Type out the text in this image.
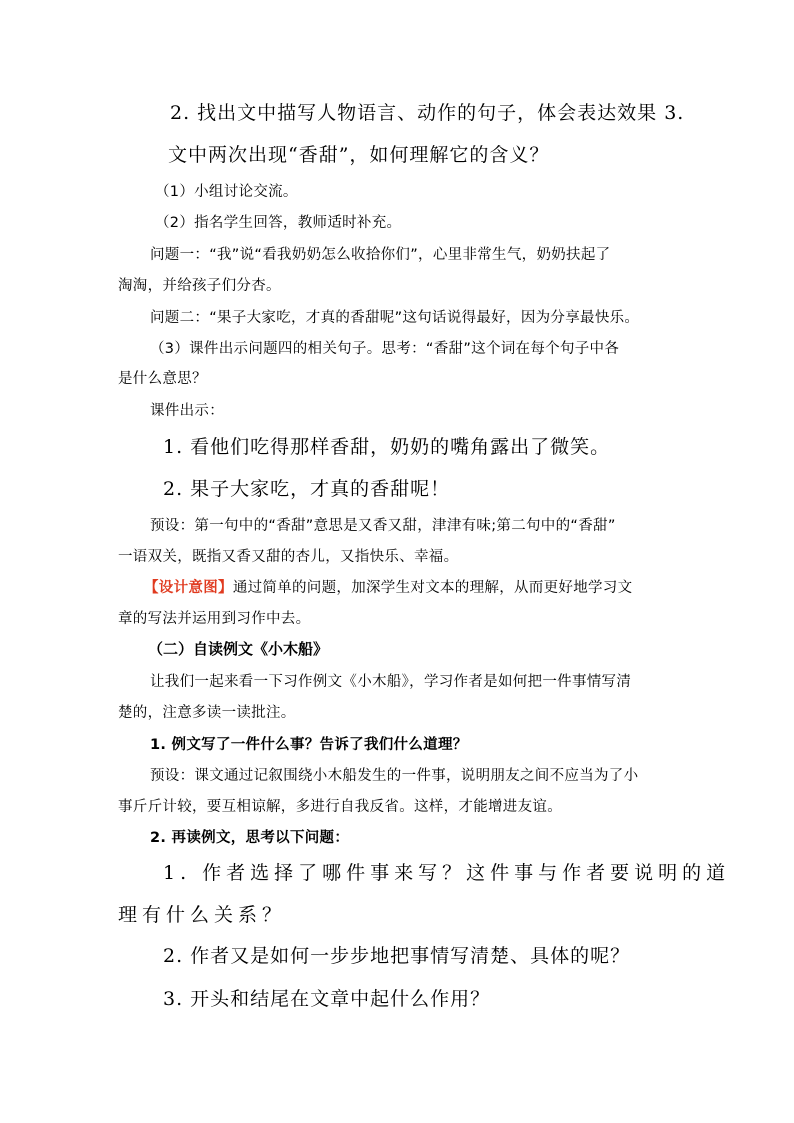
2. 找出文中描写人物语言、动作的句子，体会表达效果 3.

文中两次出现“香甜”，如何理解它的含义？

（1）小组讨论交流。

（2）指名学生回答，教师适时补充。

问题一：“我”说“看我奶奶怎么收拾你们”，心里非常生气，奶奶扶起了

淘淘，并给孩子们分杏。

问题二：“果子大家吃，才真的香甜呢”这句话说得最好，因为分享最快乐。

（3）课件出示问题四的相关句子。思考：“香甜”这个词在每个句子中各

是什么意思？

课件出示：

1. 看他们吃得那样香甜，奶奶的嘴角露出了微笑。

2. 果子大家吃，才真的香甜呢！

预设：第一句中的“香甜”意思是又香又甜，津津有味;第二句中的“香甜”

一语双关，既指又香又甜的杏儿，又指快乐、幸福。

【设计意图】通过简单的问题，加深学生对文本的理解，从而更好地学习文

章的写法并运用到习作中去。

（二）自读例文《小木船》

让我们一起来看一下习作例文《小木船》，学习作者是如何把一件事情写清

楚的，注意多读一读批注。

1. 例文写了一件什么事？告诉了我们什么道理？

预设：课文通过记叙围绕小木船发生的一件事，说明朋友之间不应当为了小

事斤斤计较，要互相谅解，多进行自我反省。这样，才能增进友谊。

2. 再读例文，思考以下问题：

1. 作者选择了哪件事来写？这件事与作者要说明的道

理有什么关系？

2. 作者又是如何一步步地把事情写清楚、具体的呢？

3. 开头和结尾在文章中起什么作用？
